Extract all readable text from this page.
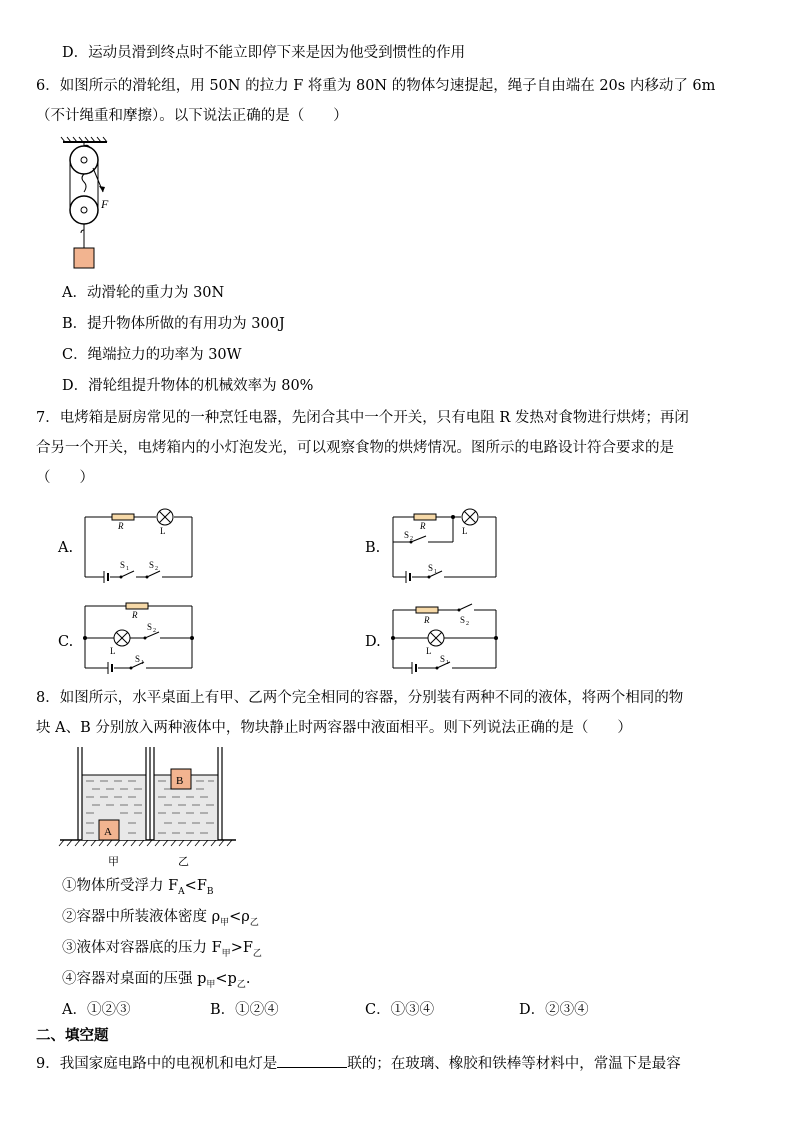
D．运动员滑到终点时不能立即停下来是因为他受到惯性的作用
6．如图所示的滑轮组，用 50N 的拉力 F 将重为 80N 的物体匀速提起，绳子自由端在 20s 内移动了 6m
（不计绳重和摩擦）。以下说法正确的是（　　）
F
A．动滑轮的重力为 30N
B．提升物体所做的有用功为 300J
C．绳端拉力的功率为 30W
D．滑轮组提升物体的机械效率为 80%
7．电烤箱是厨房常见的一种烹饪电器，先闭合其中一个开关，只有电阻 R 发热对食物进行烘烤；再闭
合另一个开关，电烤箱内的小灯泡发光，可以观察食物的烘烤情况。图所示的电路设计符合要求的是
（　　）
A.
R	L
S 1 S 2
B.
R	L
S 2
S 1
C.
R
L
S 2
S 1
D.
R
L
S 2
S 1
8．如图所示，水平桌面上有甲、乙两个完全相同的容器，分别装有两种不同的液体，将两个相同的物
块 A、B 分别放入两种液体中，物块静止时两容器中液面相平。则下列说法正确的是（　　）
A
B
甲	乙
①物体所受浮力 $F_A<F_B$
②容器中所装液体密度 $\rho_甲<\rho_乙$
③液体对容器底的压力 $F_甲>F_乙$
④容器对桌面的压强 $p_甲<p_乙$.
A．①②③	B．①②④	C．①③④	D．②③④
二、填空题
9．我国家庭电路中的电视机和电灯是	联的；在玻璃、橡胶和铁棒等材料中，常温下是最容
